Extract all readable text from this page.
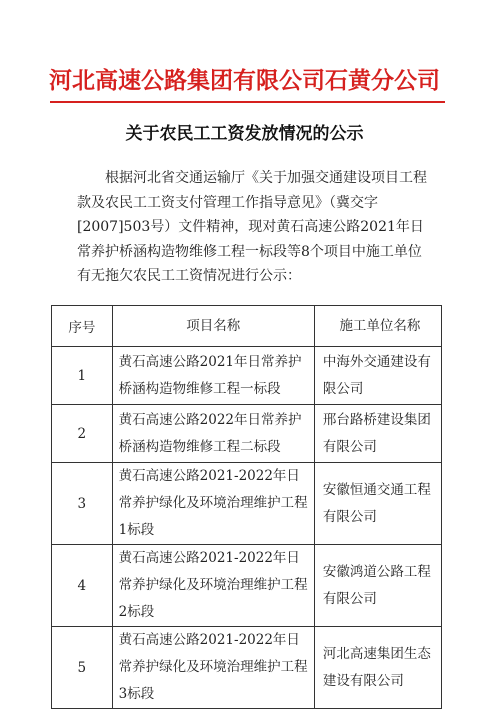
河北高速公路集团有限公司石黄分公司
关于农民工工资发放情况的公示

根据河北省交通运输厅《关于加强交通建设项目工程款及农民工工资支付管理工作指导意见》（冀交字[2007]503号）文件精神，现对黄石高速公路2021年日常养护桥涵构造物维修工程一标段等8个项目中施工单位有无拖欠农民工工资情况进行公示：

序号	项目名称	施工单位名称
1	黄石高速公路2021年日常养护桥涵构造物维修工程一标段	中海外交通建设有限公司
2	黄石高速公路2022年日常养护桥涵构造物维修工程二标段	邢台路桥建设集团有限公司
3	黄石高速公路2021-2022年日常养护绿化及环境治理维护工程1标段	安徽恒通交通工程有限公司
4	黄石高速公路2021-2022年日常养护绿化及环境治理维护工程2标段	安徽鸿道公路工程有限公司
5	黄石高速公路2021-2022年日常养护绿化及环境治理维护工程3标段	河北高速集团生态建设有限公司
